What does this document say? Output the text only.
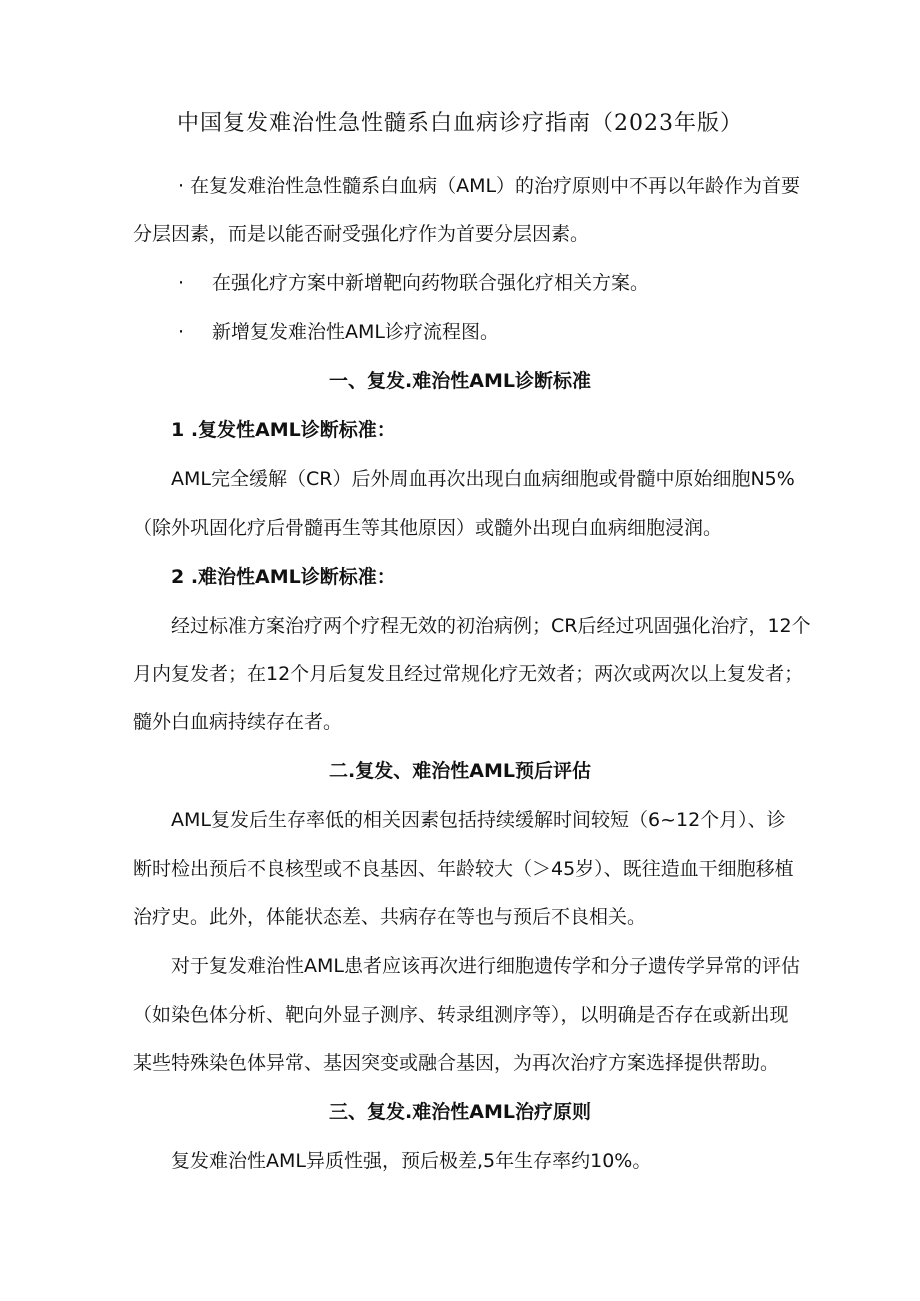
中国复发难治性急性髓系白血病诊疗指南（2023年版）
· 在复发难治性急性髓系白血病（AML）的治疗原则中不再以年龄作为首要
分层因素，而是以能否耐受强化疗作为首要分层因素。
· 在强化疗方案中新增靶向药物联合强化疗相关方案。
· 新增复发难治性AML诊疗流程图。
一、复发.难治性AML诊断标准
1 .复发性AML诊断标准：
AML完全缓解（CR）后外周血再次出现白血病细胞或骨髓中原始细胞N5%
（除外巩固化疗后骨髓再生等其他原因）或髓外出现白血病细胞浸润。
2 .难治性AML诊断标准：
经过标准方案治疗两个疗程无效的初治病例；CR后经过巩固强化治疗，12个
月内复发者；在12个月后复发且经过常规化疗无效者；两次或两次以上复发者；
髓外白血病持续存在者。
二.复发、难治性AML预后评估
AML复发后生存率低的相关因素包括持续缓解时间较短（6~12个月）、诊
断时检出预后不良核型或不良基因、年龄较大（＞45岁）、既往造血干细胞移植
治疗史。此外，体能状态差、共病存在等也与预后不良相关。
对于复发难治性AML患者应该再次进行细胞遗传学和分子遗传学异常的评估
（如染色体分析、靶向外显子测序、转录组测序等），以明确是否存在或新出现
某些特殊染色体异常、基因突变或融合基因，为再次治疗方案选择提供帮助。
三、复发.难治性AML治疗原则
复发难治性AML异质性强，预后极差,5年生存率约10%。
